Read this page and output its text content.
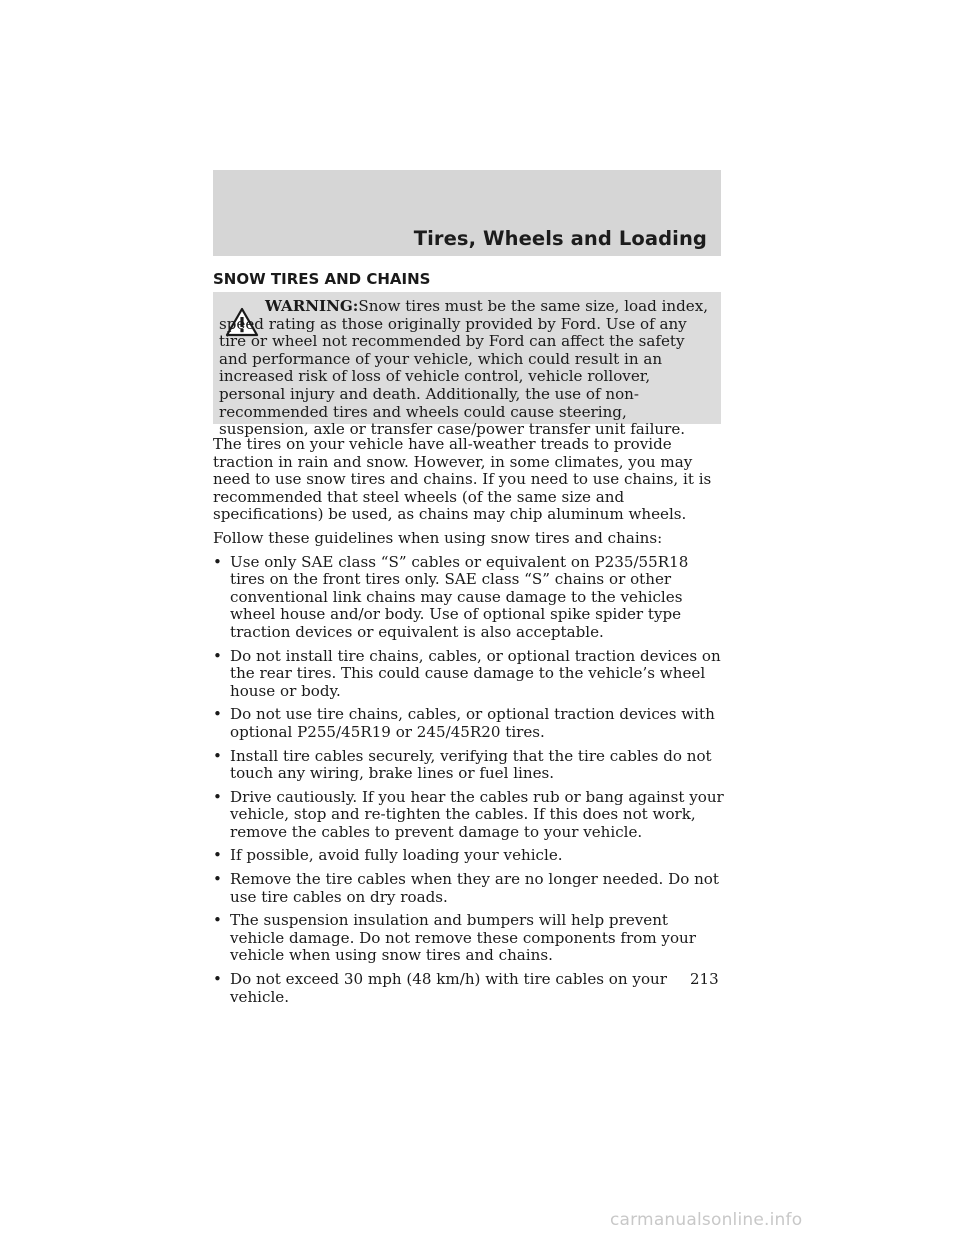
Tires, Wheels and Loading
SNOW TIRES AND CHAINS

WARNING:Snow tires must be the same size, load index, speed rating as those originally provided by Ford. Use of any tire or wheel not recommended by Ford can affect the safety and performance of your vehicle, which could result in an increased risk of loss of vehicle control, vehicle rollover, personal injury and death. Additionally, the use of non-recommended tires and wheels could cause steering, suspension, axle or transfer case/power transfer unit failure.

The tires on your vehicle have all-weather treads to provide traction in rain and snow. However, in some climates, you may need to use snow tires and chains. If you need to use chains, it is recommended that steel wheels (of the same size and specifications) be used, as chains may chip aluminum wheels.

Follow these guidelines when using snow tires and chains:

• Use only SAE class “S” cables or equivalent on P235/55R18 tires on the front tires only. SAE class “S” chains or other conventional link chains may cause damage to the vehicles wheel house and/or body. Use of optional spike spider type traction devices or equivalent is also acceptable.
• Do not install tire chains, cables, or optional traction devices on the rear tires. This could cause damage to the vehicle’s wheel house or body.
• Do not use tire chains, cables, or optional traction devices with optional P255/45R19 or 245/45R20 tires.
• Install tire cables securely, verifying that the tire cables do not touch any wiring, brake lines or fuel lines.
• Drive cautiously. If you hear the cables rub or bang against your vehicle, stop and re-tighten the cables. If this does not work, remove the cables to prevent damage to your vehicle.
• If possible, avoid fully loading your vehicle.
• Remove the tire cables when they are no longer needed. Do not use tire cables on dry roads.
• The suspension insulation and bumpers will help prevent vehicle damage. Do not remove these components from your vehicle when using snow tires and chains.
• Do not exceed 30 mph (48 km/h) with tire cables on your vehicle.
213
carmanualsonline.info
